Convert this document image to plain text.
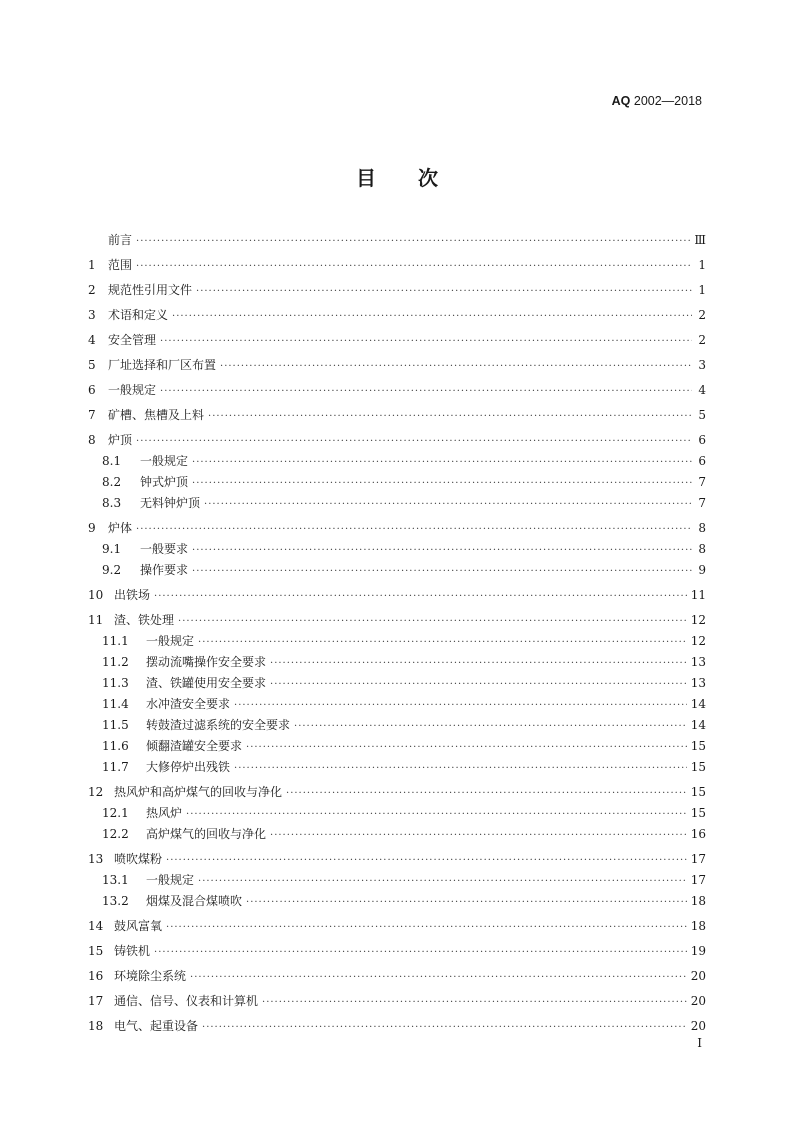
AQ 2002—2018
目次
前言 ·····	Ⅲ
1	范围 ·····	1
2	规范性引用文件 ·····	1
3	术语和定义 ·····	2
4	安全管理 ·····	2
5	厂址选择和厂区布置 ·····	3
6	一般规定 ·····	4
7	矿槽、焦槽及上料 ·····	5
8	炉顶 ·····	6
8.1	一般规定 ·····	6
8.2	钟式炉顶 ·····	7
8.3	无料钟炉顶 ·····	7
9	炉体 ·····	8
9.1	一般要求 ·····	8
9.2	操作要求 ·····	9
10 出铁场 ·····	11
11 渣、铁处理 ·····	12
11.1	一般规定 ·····	12
11.2	摆动流嘴操作安全要求 ·····	13
11.3	渣、铁罐使用安全要求 ·····	13
11.4	水冲渣安全要求 ·····	14
11.5	转鼓渣过滤系统的安全要求 ·····	14
11.6	倾翻渣罐安全要求 ·····	15
11.7	大修停炉出残铁 ·····	15
12 热风炉和高炉煤气的回收与净化 ·····	15
12.1	热风炉 ·····	15
12.2	高炉煤气的回收与净化 ·····	16
13 喷吹煤粉 ·····	17
13.1	一般规定 ·····	17
13.2	烟煤及混合煤喷吹 ·····	18
14 鼓风富氧 ·····	18
15 铸铁机 ·····	19
16 环境除尘系统 ·····	20
17 通信、信号、仪表和计算机 ·····	20
18 电气、起重设备 ·····	20
Ⅰ
